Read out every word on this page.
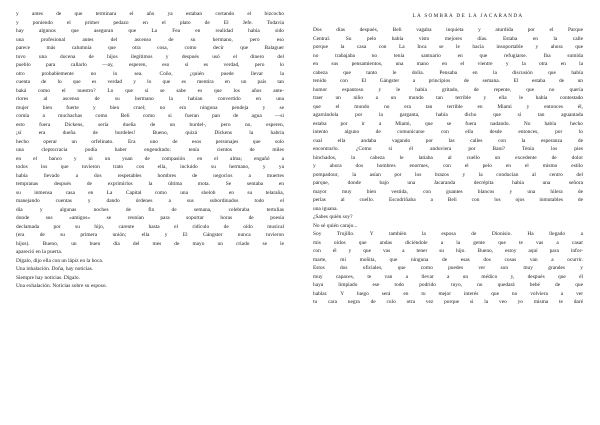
y antes de que terminara el año ya estaban cortando el bizcocho
y poniendo el primer pedazo en el plato de El Jefe. Todavía
hay algunos que aseguran que La Fea en realidad había sido
una profesional antes del ascenso de su hermano, pero eso
parece más calumnia que otra cosa, como decir que Balaguer
tuvo una docena de hijos ilegítimos y después usó el dinero del
pueblo para callarlo —ay, esperen, eso sí es verdad, pero lo
otro probablemente no lo sea. Coño, ¿quién puede llevar la
cuenta de lo que es verdad y lo que es mentira en un país tan
baká como el nuestro? Lo que sí se sabe es que los años ante-
riores al ascenso de su hermano la habían convertido en una
mujer bien fuerte y bien cruel; no era ninguna pendeja y se
comía a muchachas como Beli como si fueran pan de agua —si
esto fuera Dickens, sería dueña de un burdel-, pero no, esperen,
¡sí era dueña de burdeles! Bueno, quizá Dickens la habría
hecho operar un orfelinato. Era uno de esos personajes que solo
una cleptocracia podía haber engendrado: tenía cientos de miles
en el banco y ni un yuan de compasión en el alma; engañó a
todos los que tuvieron trato con ella, incluido su hermano, y ya
había llevado a dos respetables hombres de negocios a muertes
tempranas después de exprimirlos la última mota. Se sentaba en
su inmensa casa en La Capital como una shelob en su telaraña,
manejando cuentas y dando órdenes a sus subordinados todo el
día y algunas noches de fin de semana, celebraba tertulias
donde sus «amigos» se reunían para soportar horas de poesía
declamada por su hijo, carente hasta el ridículo de oído musical
(era de su primera unión; ella y El Gángster nunca tuvieron
hijos). Bueno, un buen día del mes de mayo un criado se le
apareció en la puerta.
Dígalo, dijo ella con un lápiz en la boca.
Una inhalación. Doña, hay noticias.
Siempre hay noticias. Dígalo.
Una exhalación. Noticias sobre su esposo.
LA SOMBRA DE LA JACARANDA
Dos días después, Beli vagaba inquieta y aturdida por el Parque
Central. Su pelo había visto mejores días. Estaba en la calle
porque la casa con La Inca se le hacía insoportable y ahora que
no trabajaba no tenía santuario en que refugiarse. Iba sumida
en sus pensamientos, una mano en el vientre y la otra en la
cabeza que tanto le dolía. Pensaba en la discusión que había
tenido con El Gángster a principios de semana. El estaba de un
humor espantoso y le había gritado, de repente, que no quería
traer un niño a un mundo tan terrible y ella le había contestado
que el mundo no era tan terrible en Miami y entonces él,
agarrándola por la garganta, había dicho que sí tan aguantada
estaba por ir a Miami, que se fuera nadando. No había hecho
intento alguno de comunicarse con ella desde entonces, por lo
cual ella andaba vagando por las calles con la esperanza de
encontrarlo. ¿Como si él anduviera por Baní? Tenía los pies
hinchados, la cabeza le latiaba al cuello un excedente de dolor
y ahora dos hombres enormes, con el pelo en el mismo estilo
pompadour, la asían por los brazos y la conducían al centro del
parque, donde bajo una Jacaranda decrépita había una señora
mayor muy bien vestida, con guantes blancos y una hilera de
perlas al cuello. Escudriñaba a Beli con los ojos inmutables de
una iguana.
¿Sabes quién soy?
No sé quién carajo...
Soy Trujillo. Y también la esposa de Dionisio. Ha llegado a
mis oídos que andas diciéndole a la gente que te vas a casar
con él y que vas a tener su hijo. Bueno, estoy aquí para infor-
marte, mi moñita, que ninguna de esas dos cosas van a ocurrir.
Estos dos oficiales, que como puedes ver son muy grandes y
muy capaces, te van a llevar a un médico y, después que él
haya limpiado ese todo podrido tuyo, no quedará bebé de que
hablar. Y luego será en tu mejor interés que no volviera a ver
tu cara negra de culo otra vez porque si la veo yo misma te daré
